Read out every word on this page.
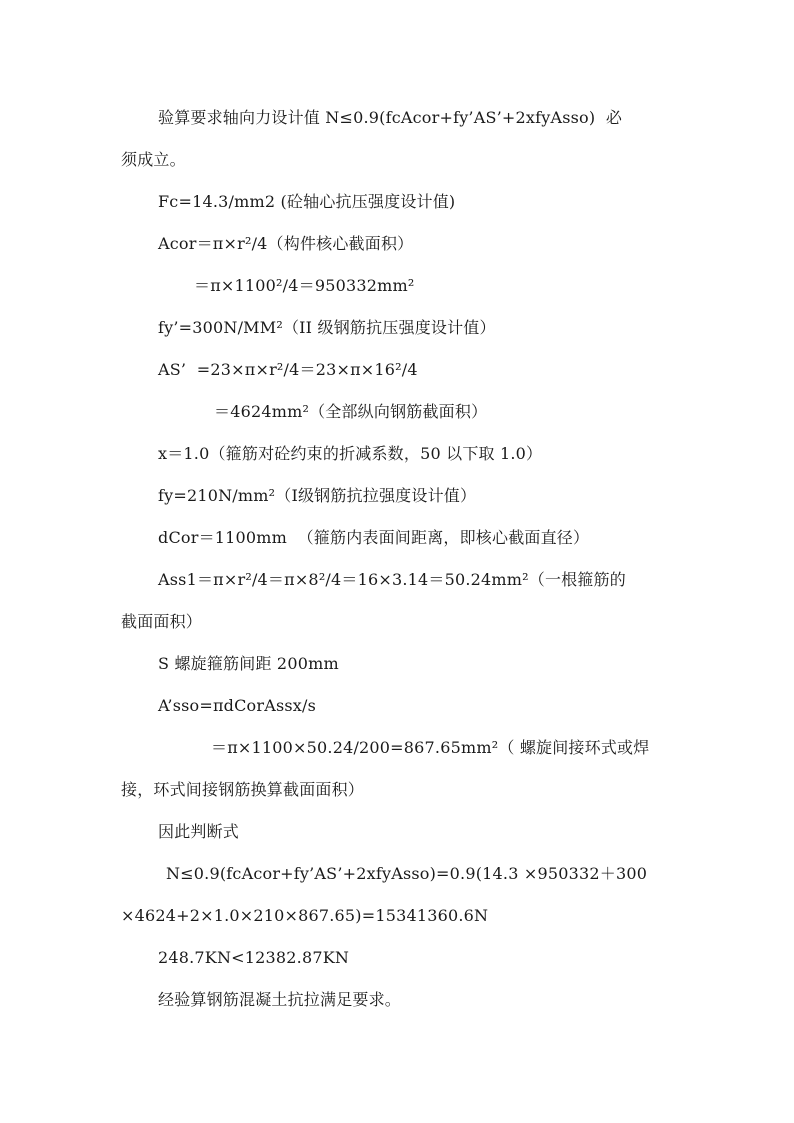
验算要求轴向力设计值 N≤0.9(fcAcor+fy’AS’+2xfyAsso)  必
须成立。
Fc=14.3/mm2 (砼轴心抗压强度设计值)
Acor＝π×r²/4（构件核心截面积）
＝π×1100²/4＝950332mm²
fy’=300N/MM²（II 级钢筋抗压强度设计值）
AS’  =23×π×r²/4＝23×π×16²/4
＝4624mm²（全部纵向钢筋截面积）
x＝1.0（箍筋对砼约束的折减系数，50 以下取 1.0）
fy=210N/mm²（Ⅰ级钢筋抗拉强度设计值）
dCor＝1100mm  （箍筋内表面间距离，即核心截面直径）
Ass1＝π×r²/4＝π×8²/4＝16×3.14＝50.24mm²（一根箍筋的
截面面积）
S 螺旋箍筋间距 200mm
A’sso=πdCorAssx/s
＝π×1100×50.24/200=867.65mm²（ 螺旋间接环式或焊
接，环式间接钢筋换算截面面积）
因此判断式
N≤0.9(fcAcor+fy’AS’+2xfyAsso)=0.9(14.3 ×950332＋300
×4624+2×1.0×210×867.65)=15341360.6N
248.7KN<12382.87KN
经验算钢筋混凝土抗拉满足要求。
